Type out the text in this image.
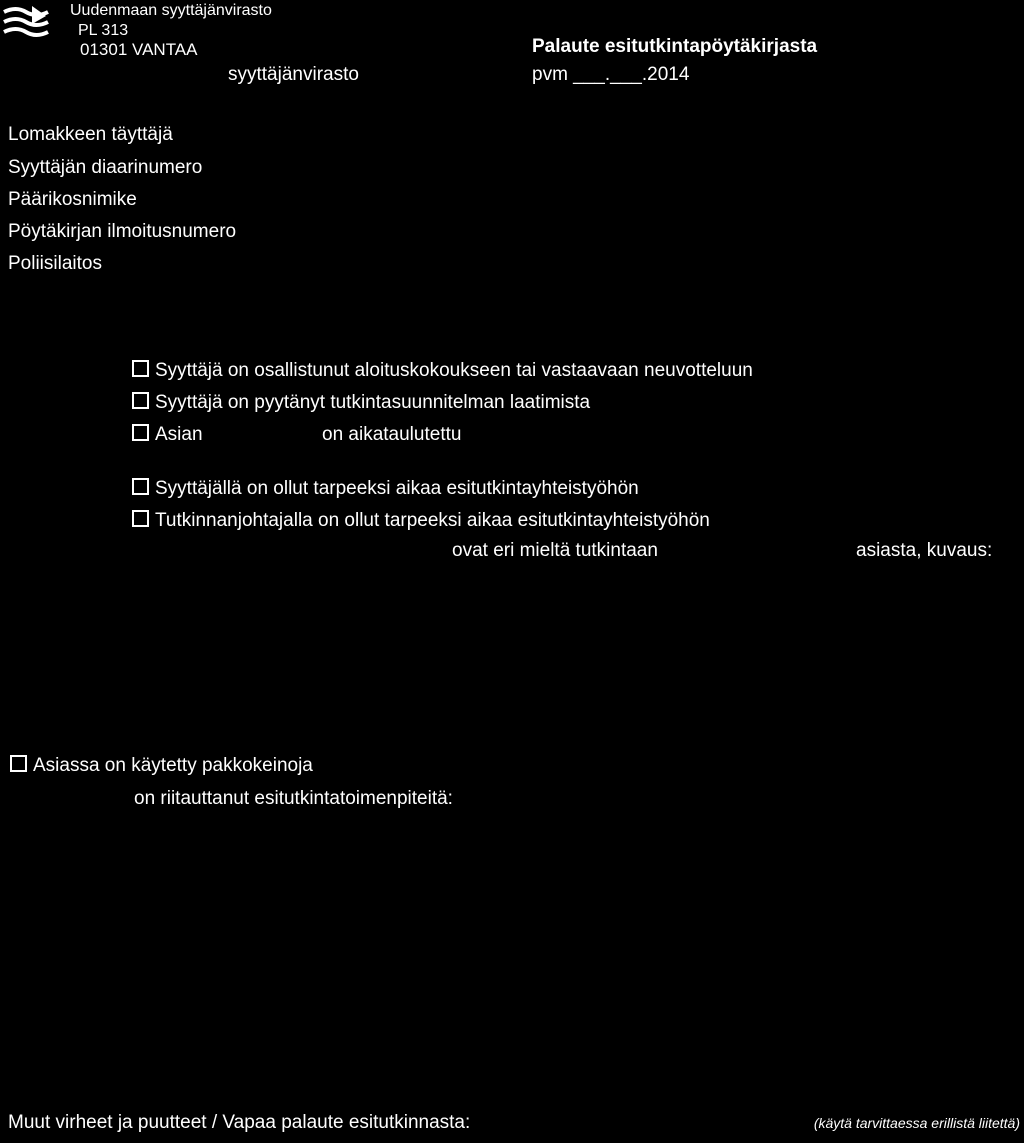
Uudenmaan syyttäjänvirasto
PL 313
01301 VANTAA
syyttäjänvirasto
Palaute esitutkintapöytäkirjasta
pvm ___.___.2014
Lomakkeen täyttäjä
Syyttäjän diaarinumero
Päärikosnimike
Pöytäkirjan ilmoitusnumero
Poliisilaitos
Syyttäjä on osallistunut aloituskokoukseen tai vastaavaan neuvotteluun
Syyttäjä on pyytänyt tutkintasuunnitelman laatimista
Asian	on aikataulutettu
Syyttäjällä on ollut tarpeeksi aikaa esitutkintayhteistyöhön
Tutkinnanjohtajalla on ollut tarpeeksi aikaa esitutkintayhteistyöhön
ovat eri mieltä tutkintaan	asiasta, kuvaus:
Asiassa on käytetty pakkokeinoja
on riitauttanut esitutkintatoimenpiteitä:
Muut virheet ja puutteet / Vapaa palaute esitutkinnasta:	(käytä tarvittaessa erillistä liitettä)
